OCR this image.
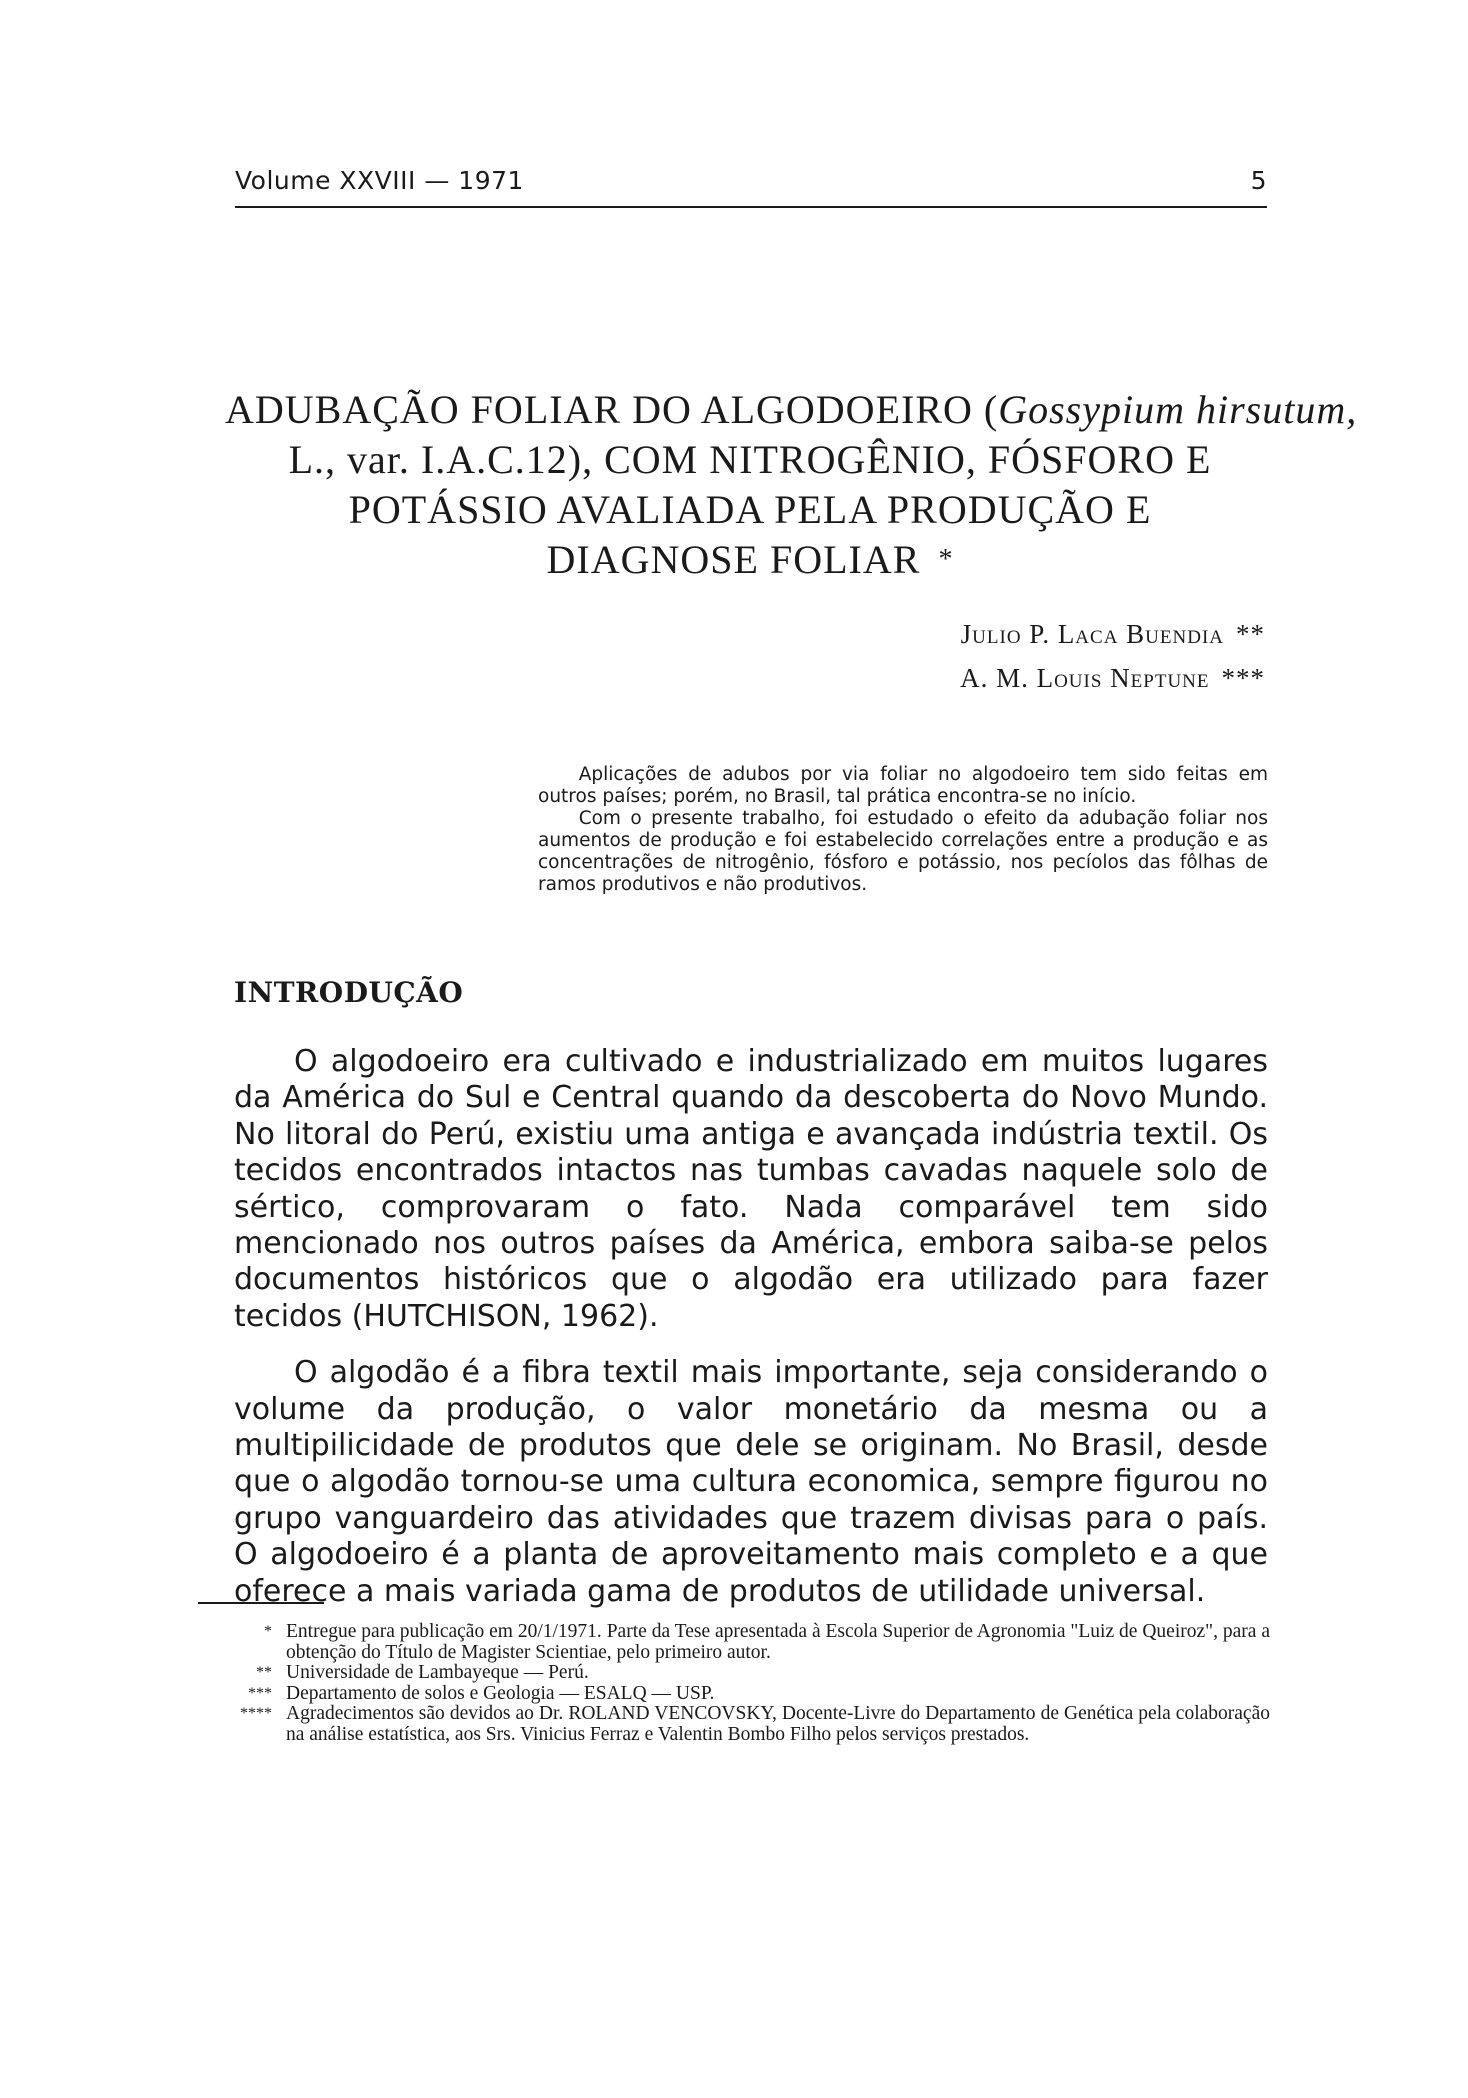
Volume XXVIII — 1971	5
ADUBAÇÃO FOLIAR DO ALGODOEIRO (Gossypium hirsutum,
L., var. I.A.C.12), COM NITROGÊNIO, FÓSFORO E
POTÁSSIO AVALIADA PELA PRODUÇÃO E
DIAGNOSE FOLIAR *
Julio P. Laca Buendia **
A. M. Louis Neptune ***

Aplicações de adubos por via foliar no algodoeiro tem sido feitas em outros países; porém, no Brasil, tal prática encontra-se no início.

Com o presente trabalho, foi estudado o efeito da adubação foliar nos aumentos de produção e foi estabelecido correlações entre a produção e as concentrações de nitrogênio, fósforo e potássio, nos pecíolos das fôlhas de ramos produtivos e não produtivos.

INTRODUÇÃO

O algodoeiro era cultivado e industrializado em muitos lugares da América do Sul e Central quando da descoberta do Novo Mundo. No litoral do Perú, existiu uma antiga e avançada indústria textil. Os tecidos encontrados intactos nas tumbas cavadas naquele solo de sértico, comprovaram o fato. Nada comparável tem sido mencionado nos outros países da América, embora saiba-se pelos documentos históricos que o algodão era utilizado para fazer tecidos (HUTCHISON, 1962).

O algodão é a fibra textil mais importante, seja considerando o volume da produção, o valor monetário da mesma ou a multipilicidade de produtos que dele se originam. No Brasil, desde que o algodão tornou-se uma cultura economica, sempre figurou no grupo vanguardeiro das atividades que trazem divisas para o país. O algodoeiro é a planta de aproveitamento mais completo e a que oferece a mais variada gama de produtos de utilidade universal.

* Entregue para publicação em 20/1/1971. Parte da Tese apresentada à Escola Superior de Agronomia "Luiz de Queiroz", para a obtenção do Título de Magister Scientiae, pelo primeiro autor.
** Universidade de Lambayeque — Perú.
*** Departamento de solos e Geologia — ESALQ — USP.
**** Agradecimentos são devidos ao Dr. ROLAND VENCOVSKY, Docente-Livre do Departamento de Genética pela colaboração na análise estatística, aos Srs. Vinicius Ferraz e Valentin Bombo Filho pelos serviços prestados.
